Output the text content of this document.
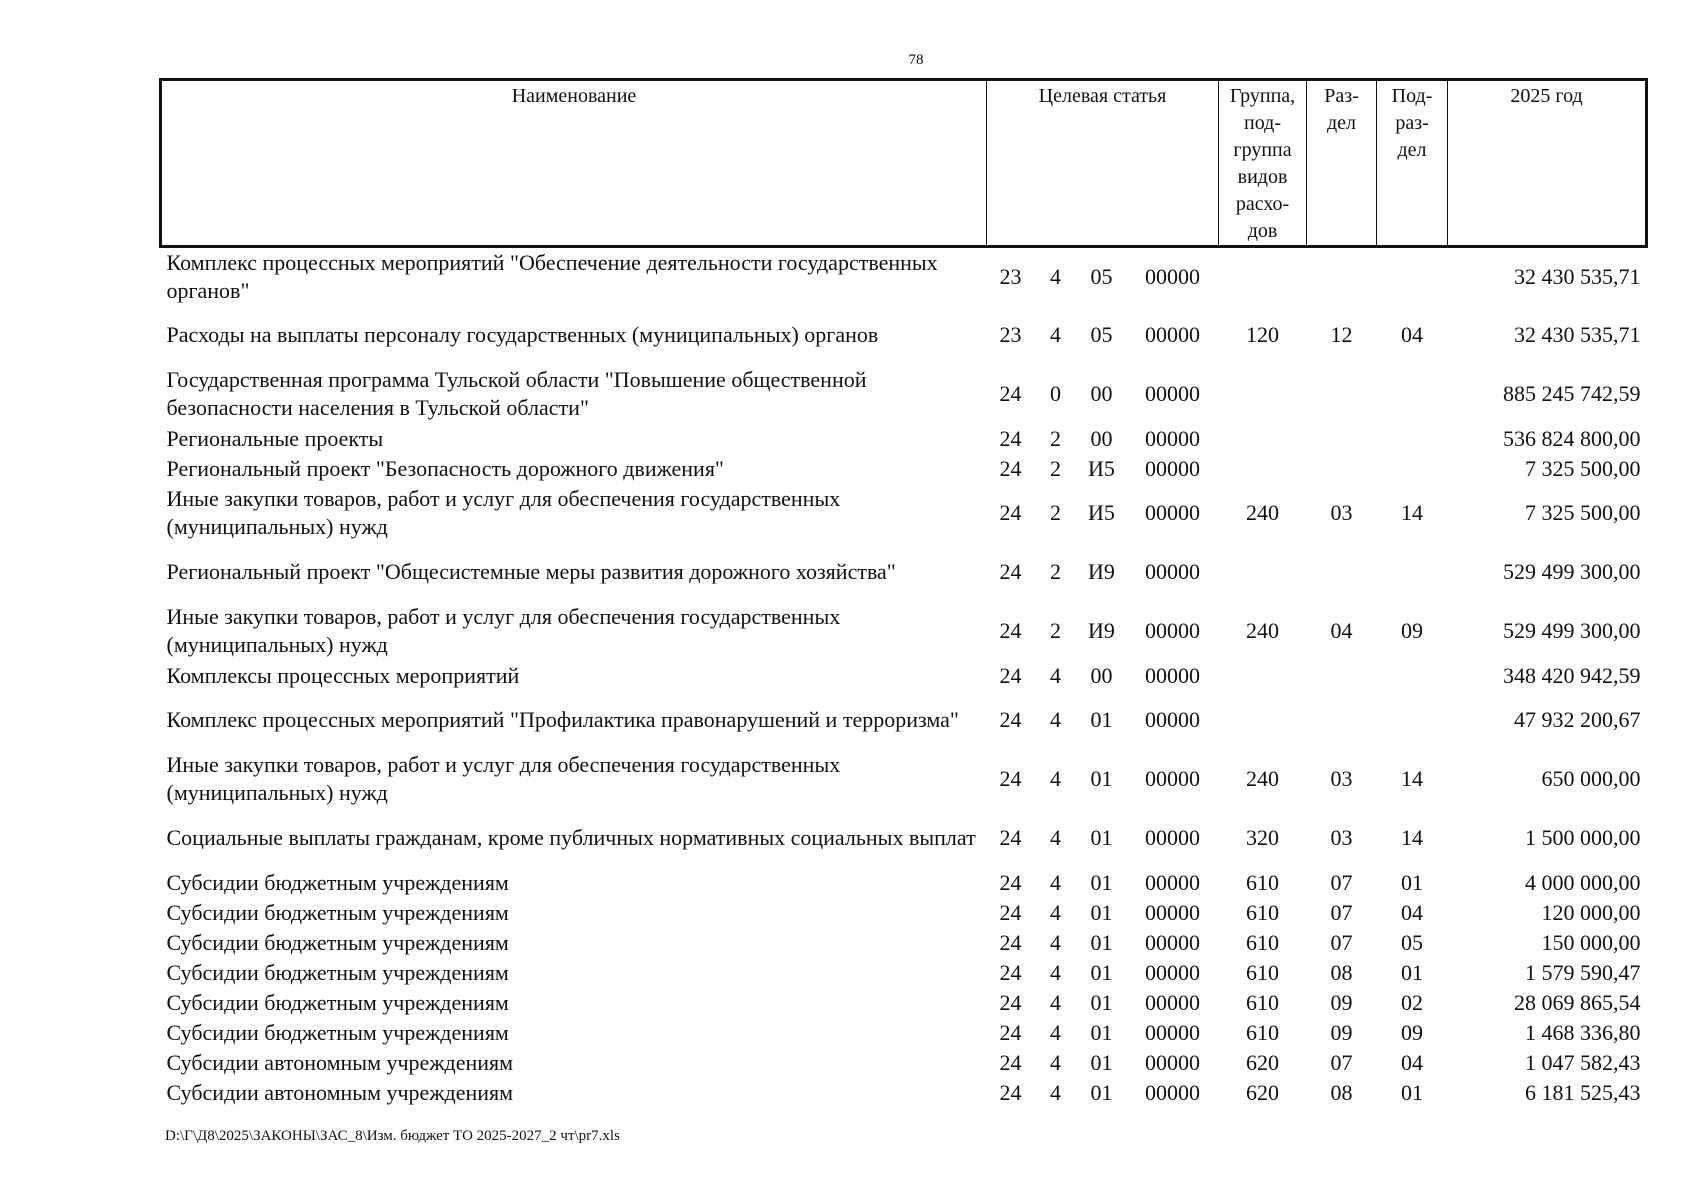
78
Наименование	Целевая статья				Группа, под- группа видов расхо- дов	Раз- дел	Под- раз- дел	2025 год
Комплекс процессных мероприятий "Обеспечение деятельности государственных органов"	23	4	05	00000				32 430 535,71
Расходы на выплаты персоналу государственных (муниципальных) органов	23	4	05	00000	120	12	04	32 430 535,71
Государственная программа Тульской области "Повышение общественной безопасности населения в Тульской области"	24	0	00	00000				885 245 742,59
Региональные проекты	24	2	00	00000				536 824 800,00
Региональный проект "Безопасность дорожного движения"	24	2	И5	00000				7 325 500,00
Иные закупки товаров, работ и услуг для обеспечения государственных (муниципальных) нужд	24	2	И5	00000	240	03	14	7 325 500,00
Региональный проект "Общесистемные меры развития дорожного хозяйства"	24	2	И9	00000				529 499 300,00
Иные закупки товаров, работ и услуг для обеспечения государственных (муниципальных) нужд	24	2	И9	00000	240	04	09	529 499 300,00
Комплексы процессных мероприятий	24	4	00	00000				348 420 942,59
Комплекс процессных мероприятий "Профилактика правонарушений и терроризма"	24	4	01	00000				47 932 200,67
Иные закупки товаров, работ и услуг для обеспечения государственных (муниципальных) нужд	24	4	01	00000	240	03	14	650 000,00
Социальные выплаты гражданам, кроме публичных нормативных социальных выплат	24	4	01	00000	320	03	14	1 500 000,00
Субсидии бюджетным учреждениям	24	4	01	00000	610	07	01	4 000 000,00
Субсидии бюджетным учреждениям	24	4	01	00000	610	07	04	120 000,00
Субсидии бюджетным учреждениям	24	4	01	00000	610	07	05	150 000,00
Субсидии бюджетным учреждениям	24	4	01	00000	610	08	01	1 579 590,47
Субсидии бюджетным учреждениям	24	4	01	00000	610	09	02	28 069 865,54
Субсидии бюджетным учреждениям	24	4	01	00000	610	09	09	1 468 336,80
Субсидии автономным учреждениям	24	4	01	00000	620	07	04	1 047 582,43
Субсидии автономным учреждениям	24	4	01	00000	620	08	01	6 181 525,43
D:\Г\Д8\2025\ЗАКОНЫ\ЗАС_8\Изм. бюджет ТО 2025-2027_2 чт\pr7.xls
